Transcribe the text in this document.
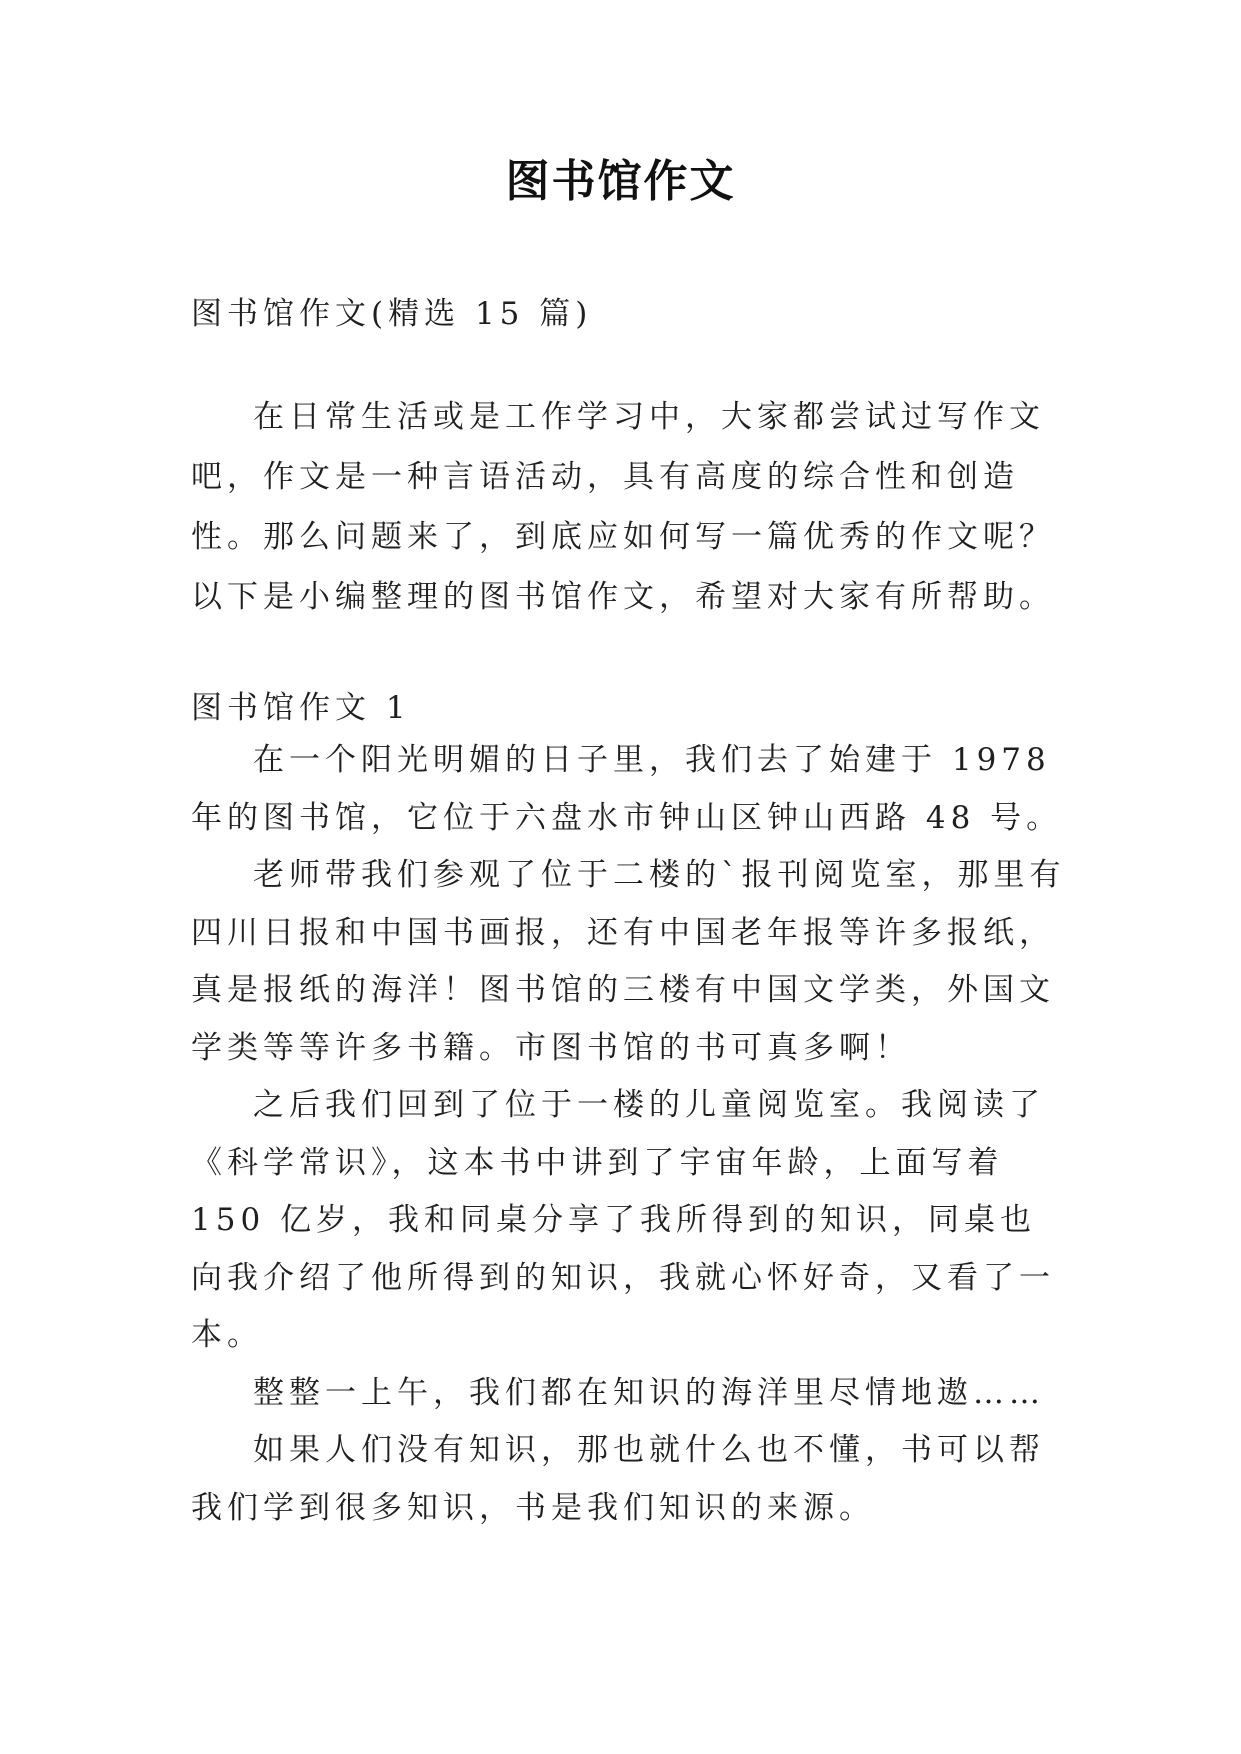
图书馆作文
图书馆作文(精选 15 篇)

在日常生活或是工作学习中，大家都尝试过写作文吧，作文是一种言语活动，具有高度的综合性和创造性。那么问题来了，到底应如何写一篇优秀的作文呢？以下是小编整理的图书馆作文，希望对大家有所帮助。

图书馆作文 1

在一个阳光明媚的日子里，我们去了始建于 1978 年的图书馆，它位于六盘水市钟山区钟山西路 48 号。

老师带我们参观了位于二楼的`报刊阅览室，那里有四川日报和中国书画报，还有中国老年报等许多报纸，真是报纸的海洋！图书馆的三楼有中国文学类，外国文学类等等许多书籍。市图书馆的书可真多啊！

之后我们回到了位于一楼的儿童阅览室。我阅读了《科学常识》，这本书中讲到了宇宙年龄，上面写着 150 亿岁，我和同桌分享了我所得到的知识，同桌也向我介绍了他所得到的知识，我就心怀好奇，又看了一本。

整整一上午，我们都在知识的海洋里尽情地遨……

如果人们没有知识，那也就什么也不懂，书可以帮我们学到很多知识，书是我们知识的来源。
